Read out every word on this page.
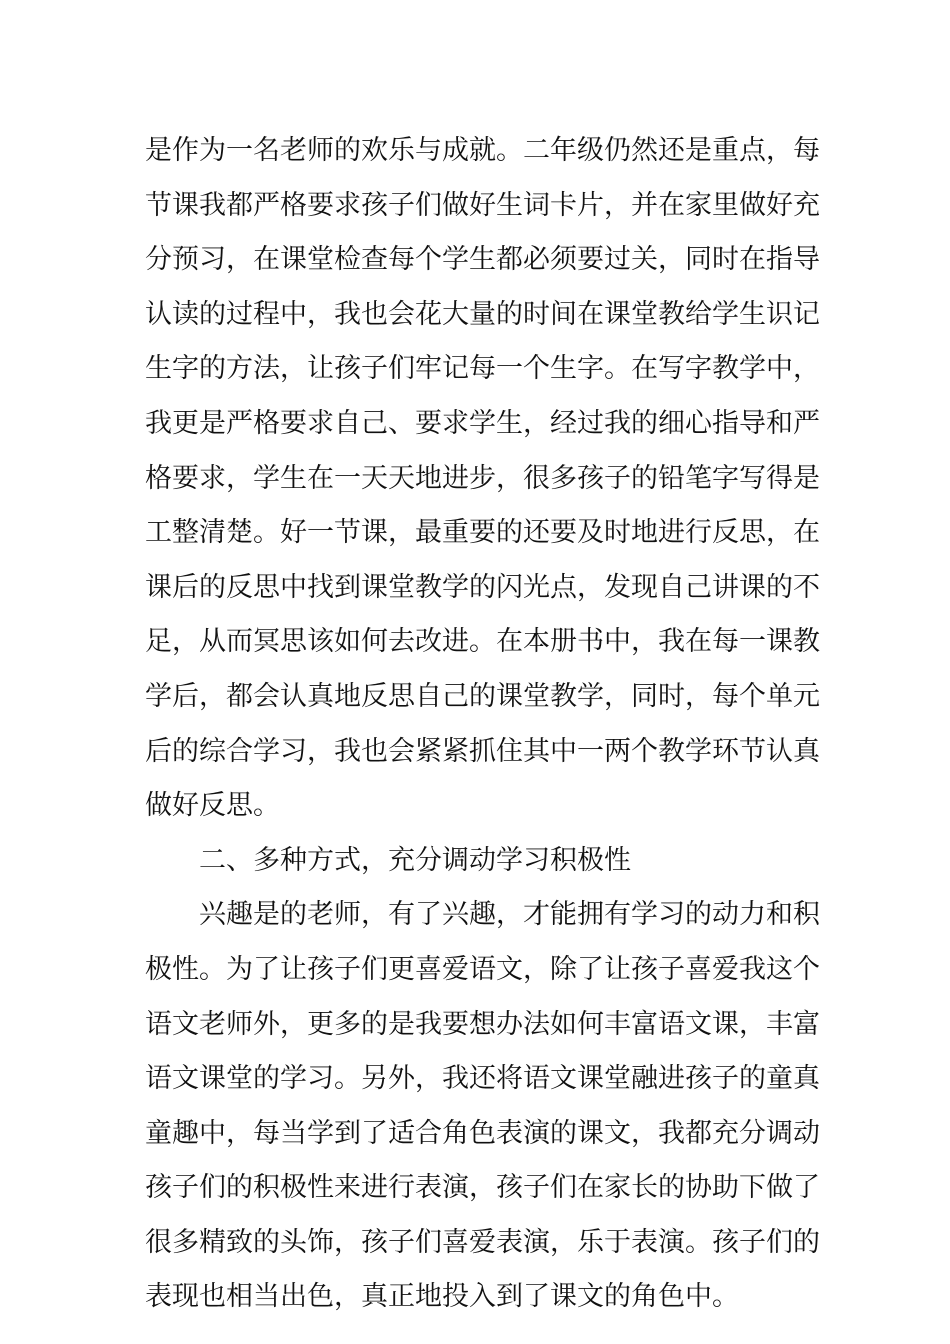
是作为一名老师的欢乐与成就。二年级仍然还是重点，每
节课我都严格要求孩子们做好生词卡片，并在家里做好充
分预习，在课堂检查每个学生都必须要过关，同时在指导
认读的过程中，我也会花大量的时间在课堂教给学生识记
生字的方法，让孩子们牢记每一个生字。在写字教学中，
我更是严格要求自己、要求学生，经过我的细心指导和严
格要求，学生在一天天地进步，很多孩子的铅笔字写得是
工整清楚。好一节课，最重要的还要及时地进行反思，在
课后的反思中找到课堂教学的闪光点，发现自己讲课的不
足，从而冥思该如何去改进。在本册书中，我在每一课教
学后，都会认真地反思自己的课堂教学，同时，每个单元
后的综合学习，我也会紧紧抓住其中一两个教学环节认真
做好反思。
二、多种方式，充分调动学习积极性
兴趣是的老师，有了兴趣，才能拥有学习的动力和积
极性。为了让孩子们更喜爱语文，除了让孩子喜爱我这个
语文老师外，更多的是我要想办法如何丰富语文课，丰富
语文课堂的学习。另外，我还将语文课堂融进孩子的童真
童趣中，每当学到了适合角色表演的课文，我都充分调动
孩子们的积极性来进行表演，孩子们在家长的协助下做了
很多精致的头饰，孩子们喜爱表演，乐于表演。孩子们的
表现也相当出色，真正地投入到了课文的角色中。
